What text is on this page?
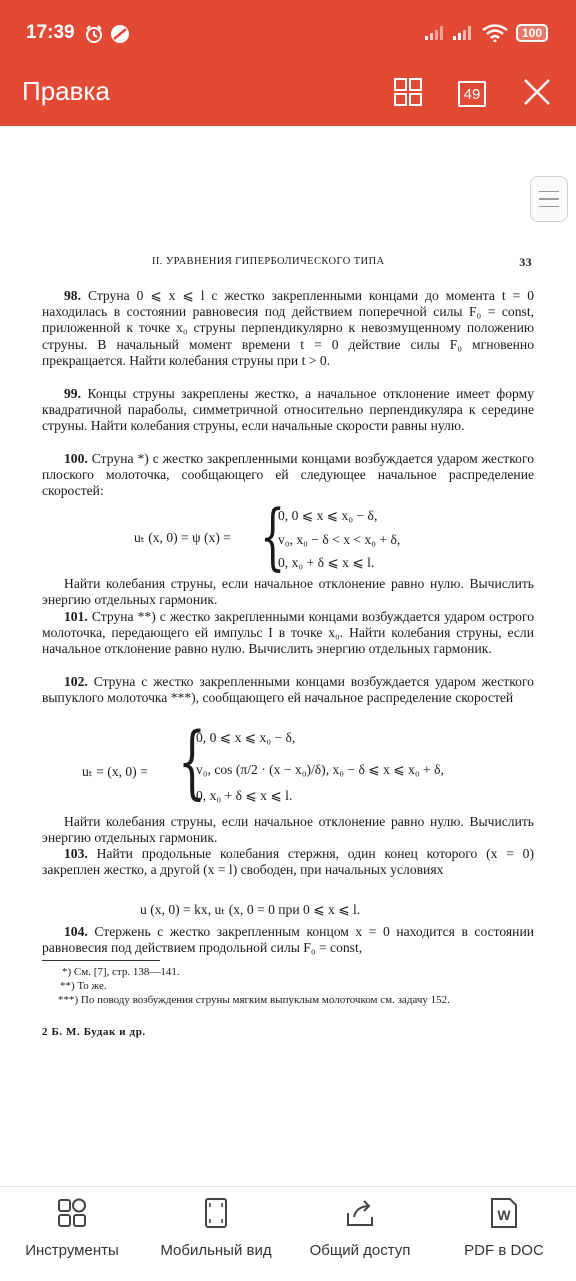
17:39	100
Правка	49
II. УРАВНЕНИЯ ГИПЕРБОЛИЧЕСКОГО ТИПА	33

98. Струна 0 ⩽ x ⩽ l с жестко закрепленными концами до момента t = 0 находилась в состоянии равновесия под действием поперечной силы F₀ = const, приложенной к точке x₀ струны перпендикулярно к невозмущенному положению струны. В начальный момент времени t = 0 действие силы F₀ мгновенно прекращается. Найти колебания струны при t > 0.

99. Концы струны закреплены жестко, а начальное отклонение имеет форму квадратичной параболы, симметричной относительно перпендикуляра к середине струны. Найти колебания струны, если начальные скорости равны нулю.

100. Струна *) с жестко закрепленными концами возбуждается ударом жесткого плоского молоточка, сообщающего ей следующее начальное распределение скоростей:

uₜ (x, 0) = ψ (x) = {
0, 0 ⩽ x ⩽ x₀ − δ,
v₀, x₀ − δ < x < x₀ + δ,
0, x₀ + δ ⩽ x ⩽ l.

Найти колебания струны, если начальное отклонение равно нулю. Вычислить энергию отдельных гармоник.

101. Струна **) с жестко закрепленными концами возбуждается ударом острого молоточка, передающего ей импульс I в точке x₀. Найти колебания струны, если начальное отклонение равно нулю. Вычислить энергию отдельных гармоник.

102. Струна с жестко закрепленными концами возбуждается ударом жесткого выпуклого молоточка ***), сообщающего ей начальное распределение скоростей

uₜ = (x, 0) = {
0, 0 ⩽ x ⩽ x₀ − δ,
v₀, cos (π/2 · (x − x₀)/δ), x₀ − δ ⩽ x ⩽ x₀ + δ,
0, x₀ + δ ⩽ x ⩽ l.

Найти колебания струны, если начальное отклонение равно нулю. Вычислить энергию отдельных гармоник.

103. Найти продольные колебания стержня, один конец которого (x = 0) закреплен жестко, а другой (x = l) свободен, при начальных условиях

u (x, 0) = kx, uₜ (x, 0 = 0 при 0 ⩽ x ⩽ l.

104. Стержень с жестко закрепленным концом x = 0 находится в состоянии равновесия под действием продольной силы F₀ = const,

*) См. [7], стр. 138—141.
**) То же.
***) По поводу возбуждения струны мягким выпуклым молоточком см. задачу 152.
2 Б. М. Будак и др.
Инструменты	Мобильный вид	Общий доступ
W
PDF в DOC
